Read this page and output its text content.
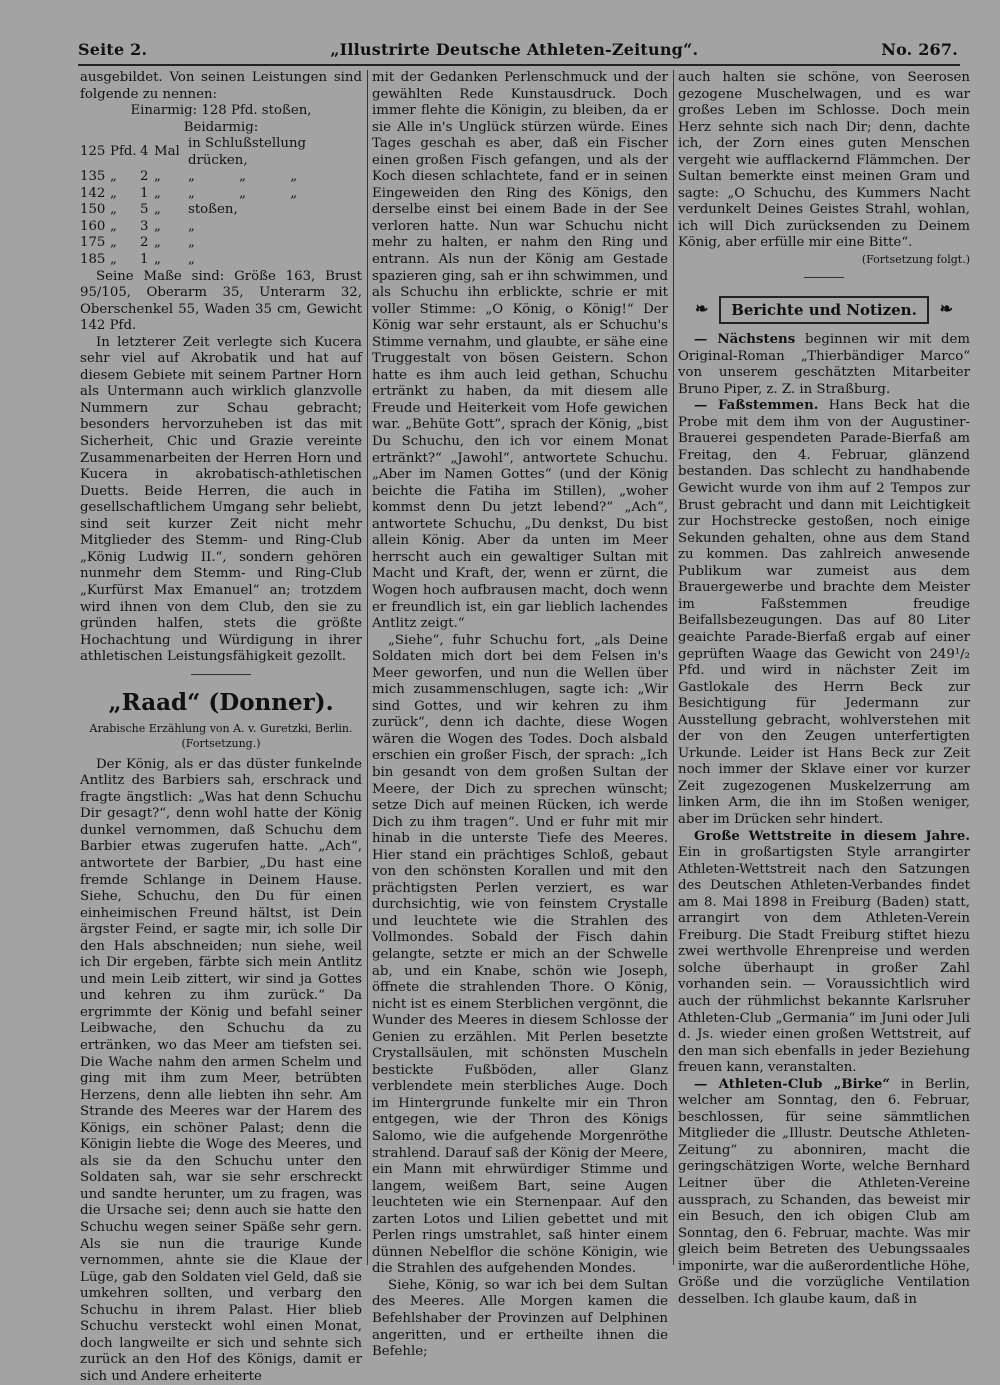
Seite 2.	„Illustrirte Deutsche Athleten-Zeitung“.	No. 267.

ausgebildet. Von seinen Leistungen sind folgende zu nennen:

Einarmig: 128 Pfd. stoßen,

Beidarmig:

125	Pfd.	4	Mal	in Schlußstellung drücken,
135	„	2	„	„ „ „
142	„	1	„	„ „ „
150	„	5	„	stoßen,
160	„	3	„	„
175	„	2	„	„
185	„	1	„	„

Seine Maße sind: Größe 163, Brust 95/105, Oberarm 35, Unterarm 32, Oberschenkel 55, Waden 35 cm, Gewicht 142 Pfd.

In letzterer Zeit verlegte sich Kucera sehr viel auf Akrobatik und hat auf diesem Gebiete mit seinem Partner Horn als Untermann auch wirklich glanzvolle Nummern zur Schau gebracht; besonders hervorzuheben ist das mit Sicherheit, Chic und Grazie vereinte Zusammenarbeiten der Herren Horn und Kucera in akrobatisch-athletischen Duetts. Beide Herren, die auch in gesellschaftlichem Umgang sehr beliebt, sind seit kurzer Zeit nicht mehr Mitglieder des Stemm- und Ring-Club „König Ludwig II.“, sondern gehören nunmehr dem Stemm- und Ring-Club „Kurfürst Max Emanuel“ an; trotzdem wird ihnen von dem Club, den sie zu gründen halfen, stets die größte Hochachtung und Würdigung in ihrer athletischen Leistungsfähigkeit gezollt.

„Raad“ (Donner).
Arabische Erzählung von A. v. Guretzki, Berlin.
(Fortsetzung.)

Der König, als er das düster funkelnde Antlitz des Barbiers sah, erschrack und fragte ängstlich: „Was hat denn Schuchu Dir gesagt?“, denn wohl hatte der König dunkel vernommen, daß Schuchu dem Barbier etwas zugerufen hatte. „Ach“, antwortete der Barbier, „Du hast eine fremde Schlange in Deinem Hause. Siehe, Schuchu, den Du für einen einheimischen Freund hältst, ist Dein ärgster Feind, er sagte mir, ich solle Dir den Hals abschneiden; nun siehe, weil ich Dir ergeben, färbte sich mein Antlitz und mein Leib zittert, wir sind ja Gottes und kehren zu ihm zurück.“ Da ergrimmte der König und befahl seiner Leibwache, den Schuchu da zu ertränken, wo das Meer am tiefsten sei. Die Wache nahm den armen Schelm und ging mit ihm zum Meer, betrübten Herzens, denn alle liebten ihn sehr. Am Strande des Meeres war der Harem des Königs, ein schöner Palast; denn die Königin liebte die Woge des Meeres, und als sie da den Schuchu unter den Soldaten sah, war sie sehr erschreckt und sandte herunter, um zu fragen, was die Ursache sei; denn auch sie hatte den Schuchu wegen seiner Späße sehr gern. Als sie nun die traurige Kunde vernommen, ahnte sie die Klaue der Lüge, gab den Soldaten viel Geld, daß sie umkehren sollten, und verbarg den Schuchu in ihrem Palast. Hier blieb Schuchu versteckt wohl einen Monat, doch langweilte er sich und sehnte sich zurück an den Hof des Königs, damit er sich und Andere erheiterte

mit der Gedanken Perlenschmuck und der gewählten Rede Kunstausdruck. Doch immer flehte die Königin, zu bleiben, da er sie Alle in's Unglück stürzen würde. Eines Tages geschah es aber, daß ein Fischer einen großen Fisch gefangen, und als der Koch diesen schlachtete, fand er in seinen Eingeweiden den Ring des Königs, den derselbe einst bei einem Bade in der See verloren hatte. Nun war Schuchu nicht mehr zu halten, er nahm den Ring und entrann. Als nun der König am Gestade spazieren ging, sah er ihn schwimmen, und als Schuchu ihn erblickte, schrie er mit voller Stimme: „O König, o König!“ Der König war sehr erstaunt, als er Schuchu's Stimme vernahm, und glaubte, er sähe eine Truggestalt von bösen Geistern. Schon hatte es ihm auch leid gethan, Schuchu ertränkt zu haben, da mit diesem alle Freude und Heiterkeit vom Hofe gewichen war. „Behüte Gott“, sprach der König, „bist Du Schuchu, den ich vor einem Monat ertränkt?“ „Jawohl“, antwortete Schuchu. „Aber im Namen Gottes“ (und der König beichte die Fatiha im Stillen), „woher kommst denn Du jetzt lebend?“ „Ach“, antwortete Schuchu, „Du denkst, Du bist allein König. Aber da unten im Meer herrscht auch ein gewaltiger Sultan mit Macht und Kraft, der, wenn er zürnt, die Wogen hoch aufbrausen macht, doch wenn er freundlich ist, ein gar lieblich lachendes Antlitz zeigt.“

„Siehe“, fuhr Schuchu fort, „als Deine Soldaten mich dort bei dem Felsen in's Meer geworfen, und nun die Wellen über mich zusammenschlugen, sagte ich: „Wir sind Gottes, und wir kehren zu ihm zurück“, denn ich dachte, diese Wogen wären die Wogen des Todes. Doch alsbald erschien ein großer Fisch, der sprach: „Ich bin gesandt von dem großen Sultan der Meere, der Dich zu sprechen wünscht; setze Dich auf meinen Rücken, ich werde Dich zu ihm tragen“. Und er fuhr mit mir hinab in die unterste Tiefe des Meeres. Hier stand ein prächtiges Schloß, gebaut von den schönsten Korallen und mit den prächtigsten Perlen verziert, es war durchsichtig, wie von feinstem Crystalle und leuchtete wie die Strahlen des Vollmondes. Sobald der Fisch dahin gelangte, setzte er mich an der Schwelle ab, und ein Knabe, schön wie Joseph, öffnete die strahlenden Thore. O König, nicht ist es einem Sterblichen vergönnt, die Wunder des Meeres in diesem Schlosse der Genien zu erzählen. Mit Perlen besetzte Crystallsäulen, mit schönsten Muscheln bestickte Fußböden, aller Glanz verblendete mein sterbliches Auge. Doch im Hintergrunde funkelte mir ein Thron entgegen, wie der Thron des Königs Salomo, wie die aufgehende Morgenröthe strahlend. Darauf saß der König der Meere, ein Mann mit ehrwürdiger Stimme und langem, weißem Bart, seine Augen leuchteten wie ein Sternenpaar. Auf den zarten Lotos und Lilien gebettet und mit Perlen rings umstrahlet, saß hinter einem dünnen Nebelflor die schöne Königin, wie die Strahlen des aufgehenden Mondes.

Siehe, König, so war ich bei dem Sultan des Meeres. Alle Morgen kamen die Befehlshaber der Provinzen auf Delphinen angeritten, und er ertheilte ihnen die Befehle;

auch halten sie schöne, von Seerosen gezogene Muschelwagen, und es war großes Leben im Schlosse. Doch mein Herz sehnte sich nach Dir; denn, dachte ich, der Zorn eines guten Menschen vergeht wie aufflackernd Flämmchen. Der Sultan bemerkte einst meinen Gram und sagte: „O Schuchu, des Kummers Nacht verdunkelt Deines Geistes Strahl, wohlan, ich will Dich zurücksenden zu Deinem König, aber erfülle mir eine Bitte“.

(Fortsetzung folgt.)

❧ Berichte und Notizen. ❧

— Nächstens beginnen wir mit dem Original-Roman „Thierbändiger Marco“ von unserem geschätzten Mitarbeiter Bruno Piper, z. Z. in Straßburg.

— Faßstemmen. Hans Beck hat die Probe mit dem ihm von der Augustiner-Brauerei gespendeten Parade-Bierfaß am Freitag, den 4. Februar, glänzend bestanden. Das schlecht zu handhabende Gewicht wurde von ihm auf 2 Tempos zur Brust gebracht und dann mit Leichtigkeit zur Hochstrecke gestoßen, noch einige Sekunden gehalten, ohne aus dem Stand zu kommen. Das zahlreich anwesende Publikum war zumeist aus dem Brauergewerbe und brachte dem Meister im Faßstemmen freudige Beifallsbezeugungen. Das auf 80 Liter geaichte Parade-Bierfaß ergab auf einer geprüften Waage das Gewicht von 249¹/₂ Pfd. und wird in nächster Zeit im Gastlokale des Herrn Beck zur Besichtigung für Jedermann zur Ausstellung gebracht, wohlverstehen mit der von den Zeugen unterfertigten Urkunde. Leider ist Hans Beck zur Zeit noch immer der Sklave einer vor kurzer Zeit zugezogenen Muskelzerrung am linken Arm, die ihn im Stoßen weniger, aber im Drücken sehr hindert.

Große Wettstreite in diesem Jahre. Ein in großartigsten Style arrangirter Athleten-Wettstreit nach den Satzungen des Deutschen Athleten-Verbandes findet am 8. Mai 1898 in Freiburg (Baden) statt, arrangirt von dem Athleten-Verein Freiburg. Die Stadt Freiburg stiftet hiezu zwei werthvolle Ehrenpreise und werden solche überhaupt in großer Zahl vorhanden sein. — Voraussichtlich wird auch der rühmlichst bekannte Karlsruher Athleten-Club „Germania“ im Juni oder Juli d. Js. wieder einen großen Wettstreit, auf den man sich ebenfalls in jeder Beziehung freuen kann, veranstalten.

— Athleten-Club „Birke“ in Berlin, welcher am Sonntag, den 6. Februar, beschlossen, für seine sämmtlichen Mitglieder die „Illustr. Deutsche Athleten-Zeitung“ zu abonniren, macht die geringschätzigen Worte, welche Bernhard Leitner über die Athleten-Vereine aussprach, zu Schanden, das beweist mir ein Besuch, den ich obigen Club am Sonntag, den 6. Februar, machte. Was mir gleich beim Betreten des Uebungssaales imponirte, war die außerordentliche Höhe, Größe und die vorzügliche Ventilation desselben. Ich glaube kaum, daß in
